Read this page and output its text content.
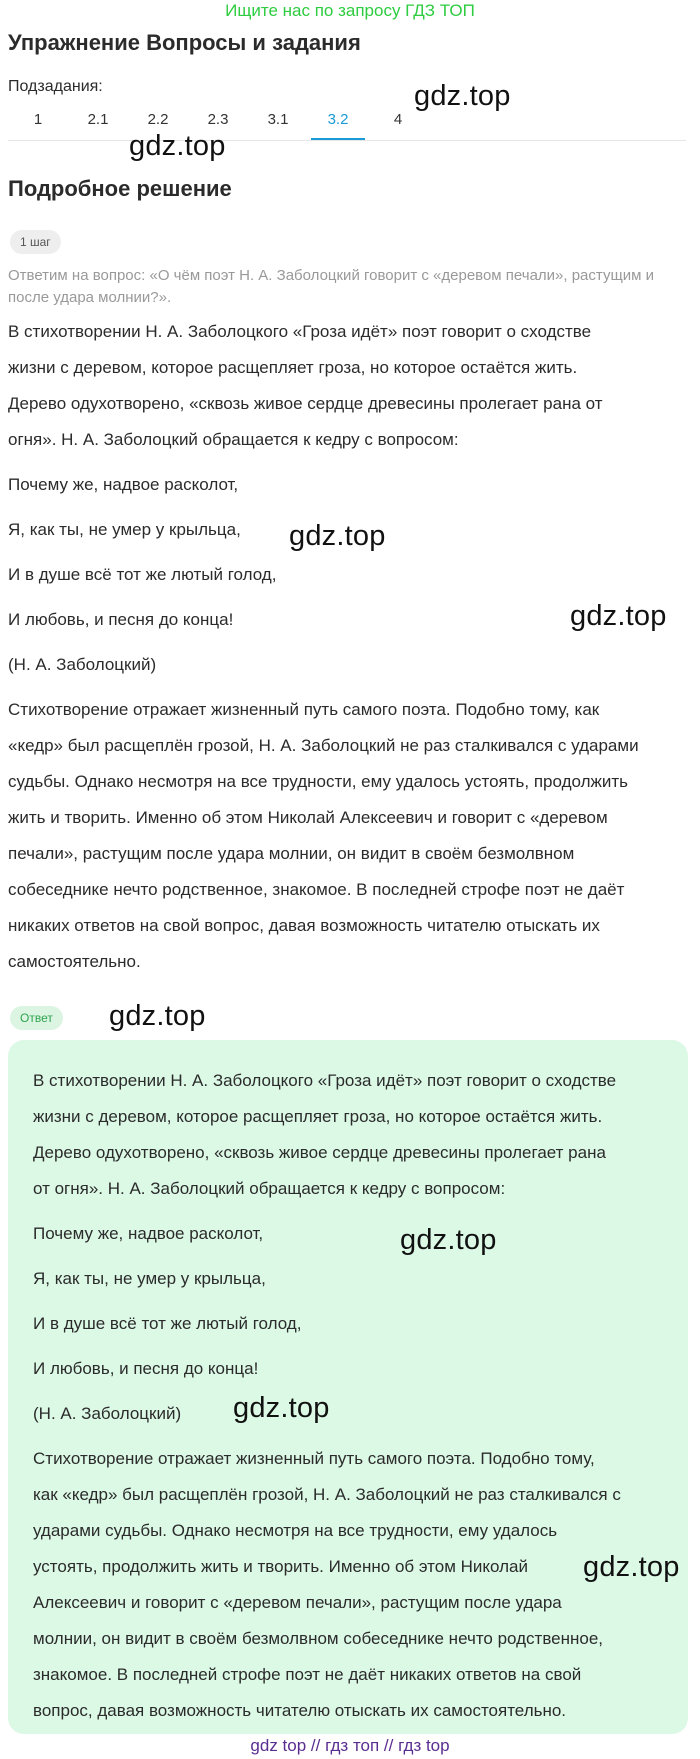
Ищите нас по запросу ГДЗ ТОП
Упражнение Вопросы и задания
Подзадания:
1	2.1	2.2	2.3	3.1	3.2	4
Подробное решение
1 шаг
Ответим на вопрос: «О чём поэт Н. А. Заболоцкий говорит с «деревом печали», растущим и после удара молнии?».

В стихотворении Н. А. Заболоцкого «Гроза идёт» поэт говорит о сходстве

жизни с деревом, которое расщепляет гроза, но которое остаётся жить.

Дерево одухотворено, «сквозь живое сердце древесины пролегает рана от

огня». Н. А. Заболоцкий обращается к кедру с вопросом:

Почему же, надвое расколот,

Я, как ты, не умер у крыльца,

И в душе всё тот же лютый голод,

И любовь, и песня до конца!

(Н. А. Заболоцкий)

Стихотворение отражает жизненный путь самого поэта. Подобно тому, как

«кедр» был расщеплён грозой, Н. А. Заболоцкий не раз сталкивался с ударами

судьбы. Однако несмотря на все трудности, ему удалось устоять, продолжить

жить и творить. Именно об этом Николай Алексеевич и говорит с «деревом

печали», растущим после удара молнии, он видит в своём безмолвном

собеседнике нечто родственное, знакомое. В последней строфе поэт не даёт

никаких ответов на свой вопрос, давая возможность читателю отыскать их

самостоятельно.

Ответ

В стихотворении Н. А. Заболоцкого «Гроза идёт» поэт говорит о сходстве

жизни с деревом, которое расщепляет гроза, но которое остаётся жить.

Дерево одухотворено, «сквозь живое сердце древесины пролегает рана

от огня». Н. А. Заболоцкий обращается к кедру с вопросом:

Почему же, надвое расколот,

Я, как ты, не умер у крыльца,

И в душе всё тот же лютый голод,

И любовь, и песня до конца!

(Н. А. Заболоцкий)

Стихотворение отражает жизненный путь самого поэта. Подобно тому,

как «кедр» был расщеплён грозой, Н. А. Заболоцкий не раз сталкивался с

ударами судьбы. Однако несмотря на все трудности, ему удалось

устоять, продолжить жить и творить. Именно об этом Николай

Алексеевич и говорит с «деревом печали», растущим после удара

молнии, он видит в своём безмолвном собеседнике нечто родственное,

знакомое. В последней строфе поэт не даёт никаких ответов на свой

вопрос, давая возможность читателю отыскать их самостоятельно.

gdz.top
gdz.top
gdz.top
gdz.top
gdz.top
gdz.top
gdz.top
gdz.top
gdz top // гдз топ // гдз top
